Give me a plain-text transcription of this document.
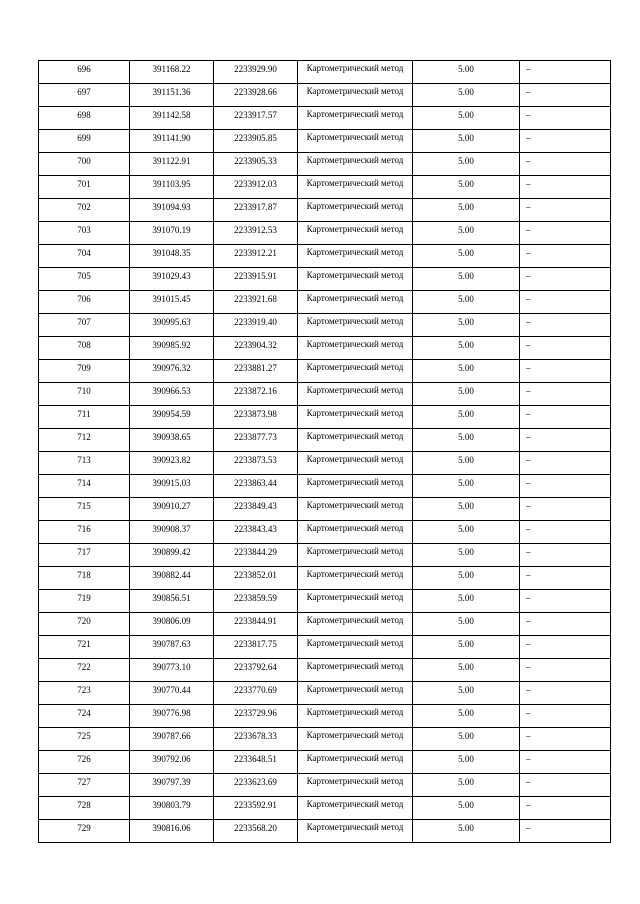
696	391168.22	2233929.90	Картометрический метод	5.00	–

697	391151.36	2233928.66	Картометрический метод	5.00	–

698	391142.58	2233917.57	Картометрический метод	5.00	–

699	391141.90	2233905.85	Картометрический метод	5.00	–

700	391122.91	2233905.33	Картометрический метод	5.00	–

701	391103.95	2233912.03	Картометрический метод	5.00	–

702	391094.93	2233917.87	Картометрический метод	5.00	–

703	391070.19	2233912.53	Картометрический метод	5.00	–

704	391048.35	2233912.21	Картометрический метод	5.00	–

705	391029.43	2233915.91	Картометрический метод	5.00	–

706	391015.45	2233921.68	Картометрический метод	5.00	–

707	390995.63	2233919.40	Картометрический метод	5.00	–

708	390985.92	2233904.32	Картометрический метод	5.00	–

709	390976.32	2233881.27	Картометрический метод	5.00	–

710	390966.53	2233872.16	Картометрический метод	5.00	–

711	390954.59	2233873.98	Картометрический метод	5.00	–

712	390938.65	2233877.73	Картометрический метод	5.00	–

713	390923.82	2233873.53	Картометрический метод	5.00	–

714	390915.03	2233863.44	Картометрический метод	5.00	–

715	390910.27	2233849.43	Картометрический метод	5.00	–

716	390908.37	2233843.43	Картометрический метод	5.00	–

717	390899.42	2233844.29	Картометрический метод	5.00	–

718	390882.44	2233852.01	Картометрический метод	5.00	–

719	390856.51	2233859.59	Картометрический метод	5.00	–

720	390806.09	2233844.91	Картометрический метод	5.00	–

721	390787.63	2233817.75	Картометрический метод	5.00	–

722	390773.10	2233792.64	Картометрический метод	5.00	–

723	390770.44	2233770.69	Картометрический метод	5.00	–

724	390776.98	2233729.96	Картометрический метод	5.00	–

725	390787.66	2233678.33	Картометрический метод	5.00	–

726	390792.06	2233648.51	Картометрический метод	5.00	–

727	390797.39	2233623.69	Картометрический метод	5.00	–

728	390803.79	2233592.91	Картометрический метод	5.00	–

729	390816.06	2233568.20	Картометрический метод	5.00	–
